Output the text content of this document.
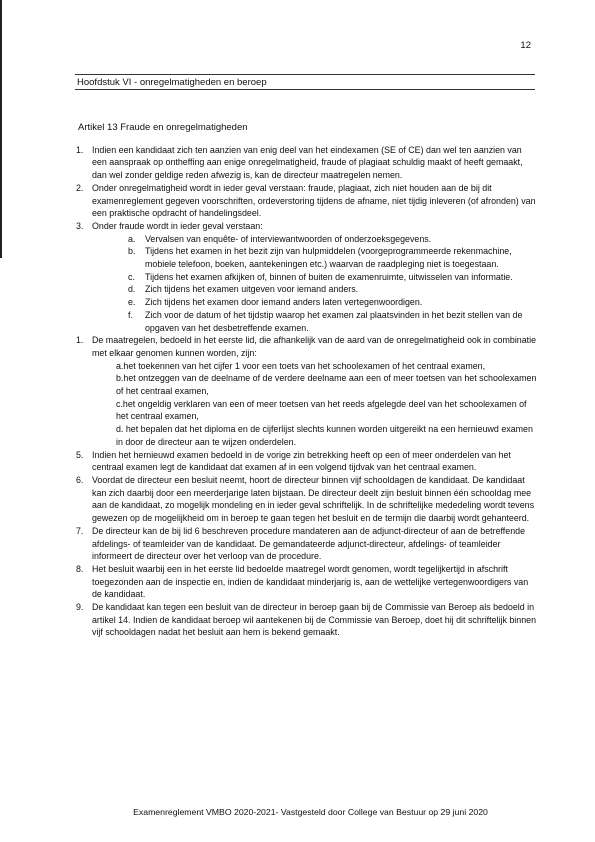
12
Hoofdstuk VI - onregelmatigheden en beroep
Artikel 13 Fraude en onregelmatigheden
1. Indien een kandidaat zich ten aanzien van enig deel van het eindexamen (SE of CE) dan wel ten aanzien van een aanspraak op ontheffing aan enige onregelmatigheid, fraude of plagiaat schuldig maakt of heeft gemaakt, dan wel zonder geldige reden afwezig is, kan de directeur maatregelen nemen.
2. Onder onregelmatigheid wordt in ieder geval verstaan: fraude, plagiaat, zich niet houden aan de bij dit examenreglement gegeven voorschriften, ordeverstoring tijdens de afname, niet tijdig inleveren (of afronden) van een praktische opdracht of handelingsdeel.
3. Onder fraude wordt in ieder geval verstaan:
a.	Vervalsen van enquête- of interviewantwoorden of onderzoeksgegevens.
b.	Tijdens het examen in het bezit zijn van hulpmiddelen (voorgeprogrammeerde rekenmachine, mobiele telefoon, boeken, aantekeningen etc.) waarvan de raadpleging niet is toegestaan.
c.	Tijdens het examen afkijken of, binnen of buiten de examenruimte, uitwisselen van informatie.
d.	Zich tijdens het examen uitgeven voor iemand anders.
e.	Zich tijdens het examen door iemand anders laten vertegenwoordigen.
f.	Zich voor de datum of het tijdstip waarop het examen zal plaatsvinden in het bezit stellen van de opgaven van het desbetreffende examen.
1. De maatregelen, bedoeld in het eerste lid, die afhankelijk van de aard van de onregelmatigheid ook in combinatie met elkaar genomen kunnen worden, zijn:
a.het toekennen van het cijfer 1 voor een toets van het schoolexamen of het centraal examen,
b.het ontzeggen van de deelname of de verdere deelname aan een of meer toetsen van het schoolexamen of het centraal examen,
c.het ongeldig verklaren van een of meer toetsen van het reeds afgelegde deel van het schoolexamen of het centraal examen,
d. het bepalen dat het diploma en de cijferlijst slechts kunnen worden uitgereikt na een hernieuwd examen in door de directeur aan te wijzen onderdelen.
5. Indien het hernieuwd examen bedoeld in de vorige zin betrekking heeft op een of meer onderdelen van het centraal examen legt de kandidaat dat examen af in een volgend tijdvak van het centraal examen.
6. Voordat de directeur een besluit neemt, hoort de directeur binnen vijf schooldagen de kandidaat. De kandidaat kan zich daarbij door een meerderjarige laten bijstaan. De directeur deelt zijn besluit binnen één schooldag mee aan de kandidaat, zo mogelijk mondeling en in ieder geval schriftelijk. In de schriftelijke mededeling wordt tevens gewezen op de mogelijkheid om in beroep te gaan tegen het besluit en de termijn die daarbij wordt gehanteerd.
7. De directeur kan de bij lid 6 beschreven procedure mandateren aan de adjunct-directeur of aan de betreffende afdelings- of teamleider van de kandidaat. De gemandateerde adjunct-directeur, afdelings- of teamleider informeert de directeur over het verloop van de procedure.
8. Het besluit waarbij een in het eerste lid bedoelde maatregel wordt genomen, wordt tegelijkertijd in afschrift toegezonden aan de inspectie en, indien de kandidaat minderjarig is, aan de wettelijke vertegenwoordigers van de kandidaat.
9. De kandidaat kan tegen een besluit van de directeur in beroep gaan bij de Commissie van Beroep als bedoeld in artikel 14. Indien de kandidaat beroep wil aantekenen bij de Commissie van Beroep, doet hij dit schriftelijk binnen vijf schooldagen nadat het besluit aan hem is bekend gemaakt.
Examenreglement VMBO 2020-2021- Vastgesteld door College van Bestuur op 29 juni 2020
